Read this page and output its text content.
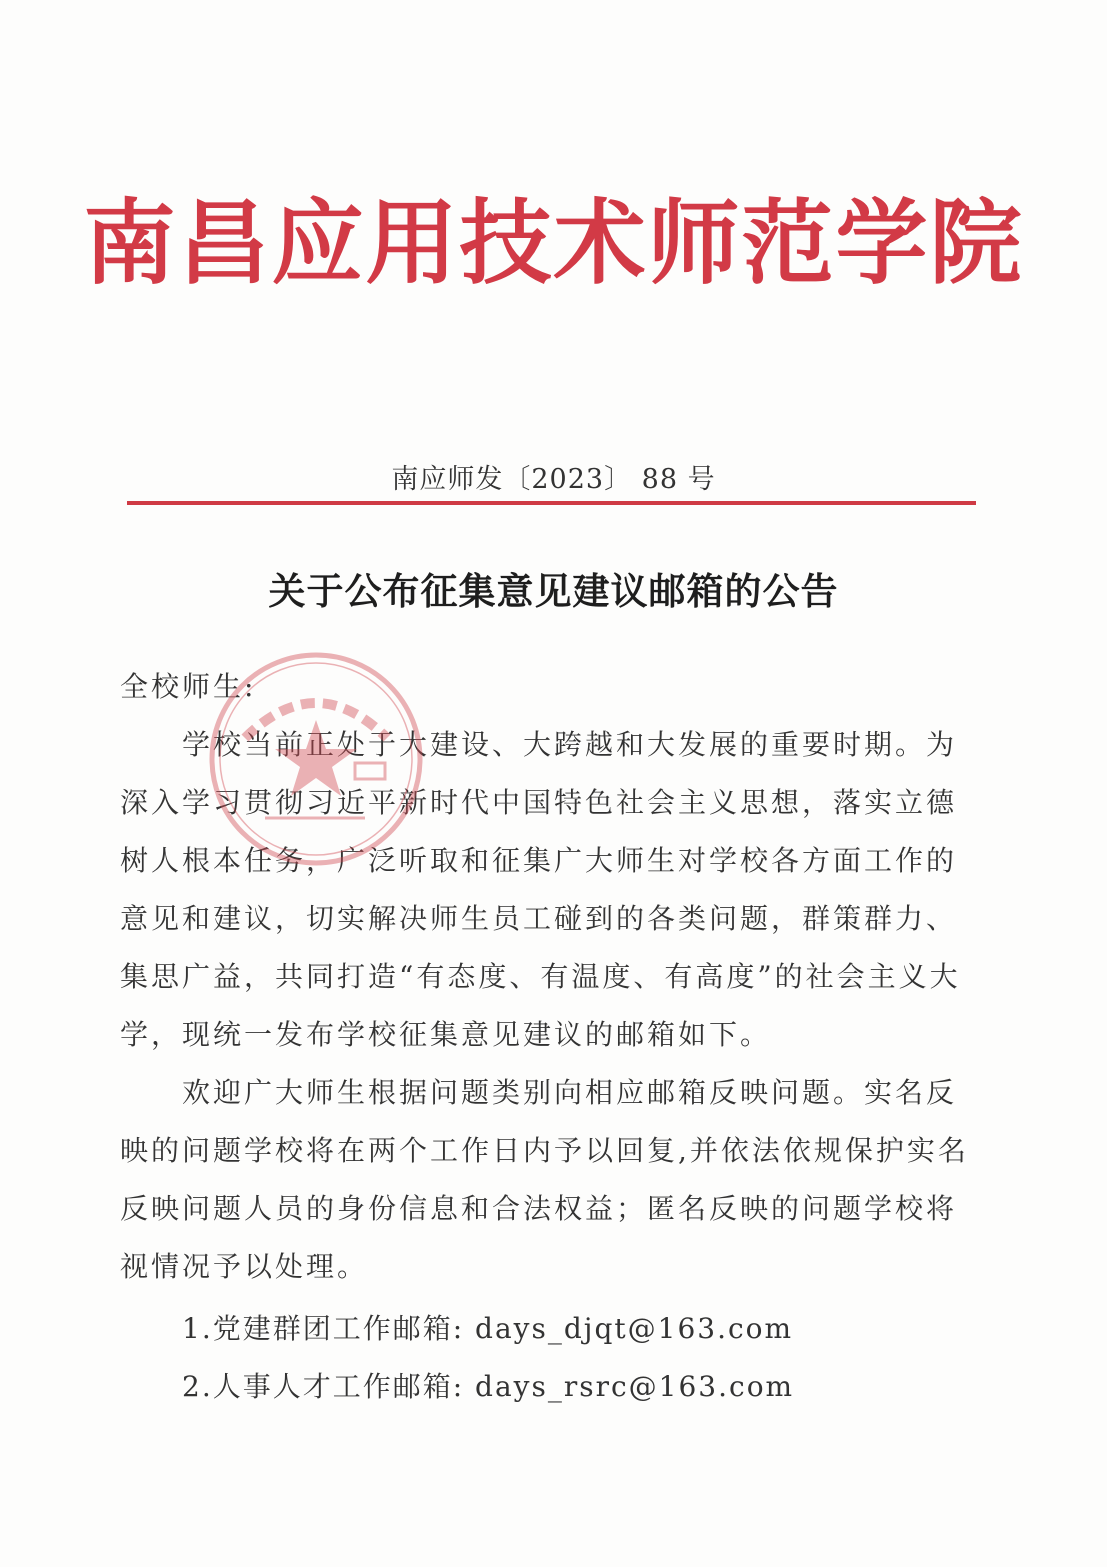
南昌应用技术师范学院
南应师发〔2023〕 88 号
关于公布征集意见建议邮箱的公告
全校师生:
学校当前正处于大建设、大跨越和大发展的重要时期。为深入学习贯彻习近平新时代中国特色社会主义思想，落实立德树人根本任务，广泛听取和征集广大师生对学校各方面工作的意见和建议，切实解决师生员工碰到的各类问题，群策群力、集思广益，共同打造“有态度、有温度、有高度”的社会主义大学，现统一发布学校征集意见建议的邮箱如下。
欢迎广大师生根据问题类别向相应邮箱反映问题。实名反映的问题学校将在两个工作日内予以回复,并依法依规保护实名反映问题人员的身份信息和合法权益；匿名反映的问题学校将视情况予以处理。
1.党建群团工作邮箱: days_djqt@163.com
2.人事人才工作邮箱: days_rsrc@163.com
